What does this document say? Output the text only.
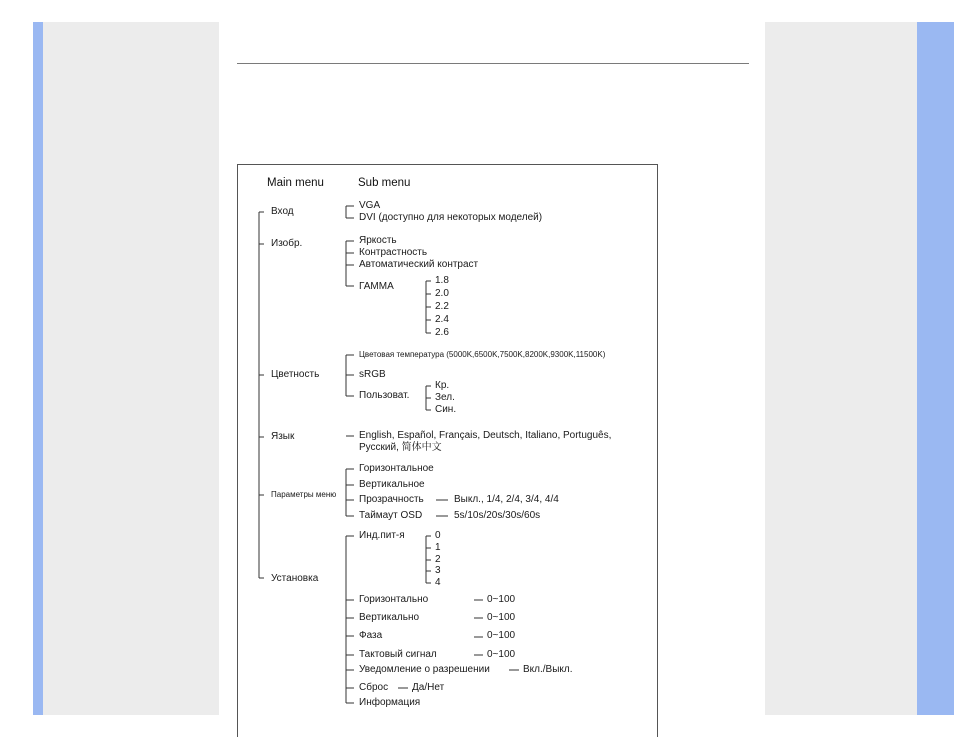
Main menu	Sub menu
Вход
VGA
DVI (доступно для некоторых моделей)
Изобр.	Яркость
Контрастность
Автоматический контраст
ГАММА
1.8
2.0
2.2
2.4
2.6
Цветность
Цветовая температура (5000K,6500K,7500K,8200K,9300K,11500K)
sRGB
Пользоват.
Кр.
Зел.
Син.
Язык	English, Español, Français, Deutsch, Italiano, Português,
Русский, 简体中文
Параметры меню
Горизонтальное
Вертикальное
Прозрачность	Выкл., 1/4, 2/4, 3/4, 4/4
Таймаут OSD	5s/10s/20s/30s/60s
Установка
Инд.пит-я	0
1
2
3
4
Горизонтально	0~100
Вертикально	0~100
Фаза	0~100
Тактовый сигнал	0~100
Уведомление о разрешении	Вкл./Выкл.
Сброс Да/Нет
Информация
